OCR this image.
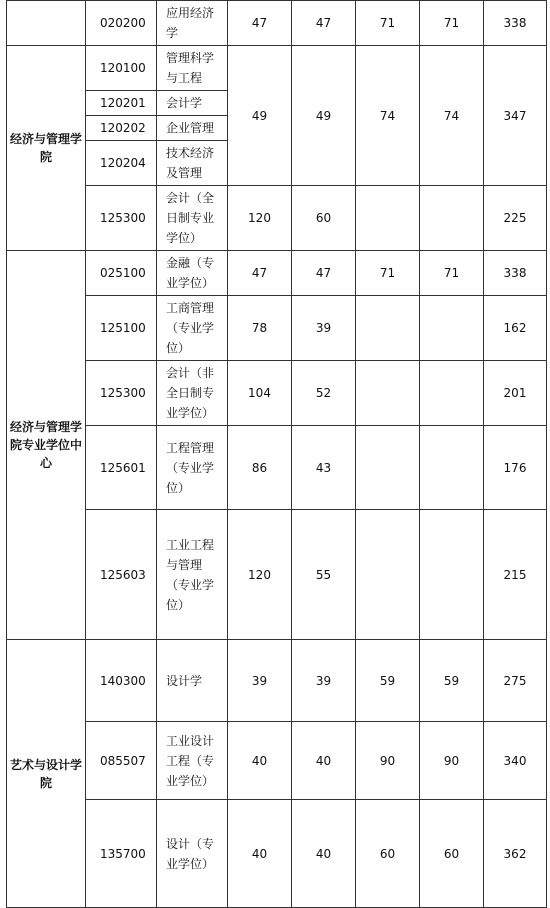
	020200	应用经济学	47	47	71	71	338
经济与管理学院	120100	管理科学与工程	49	49	74	74	347
	120201	会计学					
	120202	企业管理					
	120204	技术经济及管理					
	125300	会计（全日制专业学位）	120	60			225
经济与管理学院专业学位中心	025100	金融（专业学位）	47	47	71	71	338
	125100	工商管理（专业学位）	78	39			162
	125300	会计（非全日制专业学位）	104	52			201
	125601	工程管理（专业学位）	86	43			176
	125603	工业工程与管理（专业学位）	120	55			215
艺术与设计学院	140300	设计学	39	39	59	59	275
	085507	工业设计工程（专业学位）	40	40	90	90	340
	135700	设计（专业学位）	40	40	60	60	362
